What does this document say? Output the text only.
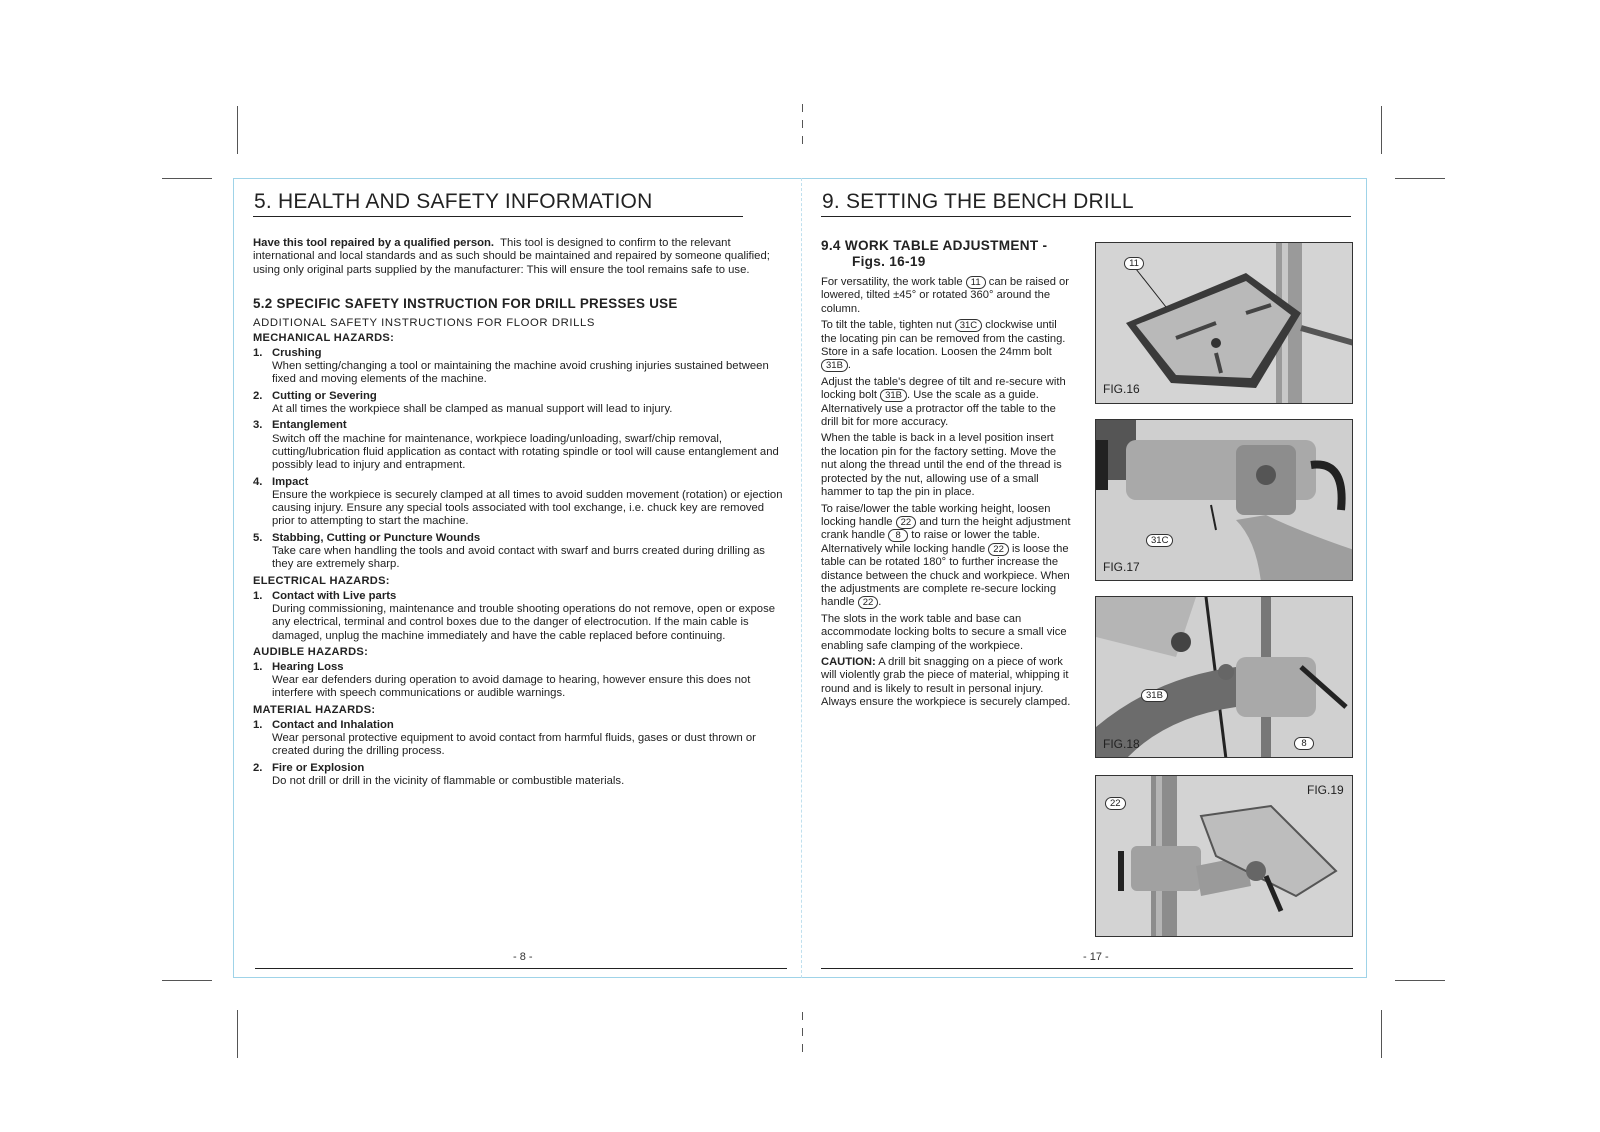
5. HEALTH AND SAFETY INFORMATION
Have this tool repaired by a qualified person. This tool is designed to confirm to the relevant international and local standards and as such should be maintained and repaired by someone qualified; using only original parts supplied by the manufacturer: This will ensure the tool remains safe to use.
5.2 SPECIFIC SAFETY INSTRUCTION FOR DRILL PRESSES USE
ADDITIONAL SAFETY INSTRUCTIONS FOR FLOOR DRILLS
MECHANICAL HAZARDS:
1. Crushing
When setting/changing a tool or maintaining the machine avoid crushing injuries sustained between fixed and moving elements of the machine.
2. Cutting or Severing
At all times the workpiece shall be clamped as manual support will lead to injury.
3. Entanglement
Switch off the machine for maintenance, workpiece loading/unloading, swarf/chip removal, cutting/lubrication fluid application as contact with rotating spindle or tool will cause entanglement and possibly lead to injury and entrapment.
4. Impact
Ensure the workpiece is securely clamped at all times to avoid sudden movement (rotation) or ejection causing injury. Ensure any special tools associated with tool exchange, i.e. chuck key are removed prior to attempting to start the machine.
5. Stabbing, Cutting or Puncture Wounds
Take care when handling the tools and avoid contact with swarf and burrs created during drilling as they are extremely sharp.
ELECTRICAL HAZARDS:
1. Contact with Live parts
During commissioning, maintenance and trouble shooting operations do not remove, open or expose any electrical, terminal and control boxes due to the danger of electrocution. If the main cable is damaged, unplug the machine immediately and have the cable replaced before continuing.
AUDIBLE HAZARDS:
1. Hearing Loss
Wear ear defenders during operation to avoid damage to hearing, however ensure this does not interfere with speech communications or audible warnings.
MATERIAL HAZARDS:
1. Contact and Inhalation
Wear personal protective equipment to avoid contact from harmful fluids, gases or dust thrown or created during the drilling process.
2. Fire or Explosion
Do not drill or drill in the vicinity of flammable or combustible materials.
- 8 -
9. SETTING THE BENCH DRILL
9.4 WORK TABLE ADJUSTMENT -
Figs. 16-19

For versatility, the work table 11 can be raised or lowered, tilted ±45° or rotated 360° around the column.

To tilt the table, tighten nut 31C clockwise until the locating pin can be removed from the casting. Store in a safe location. Loosen the 24mm bolt 31B .

Adjust the table's degree of tilt and re-secure with locking bolt 31B . Use the scale as a guide. Alternatively use a protractor off the table to the drill bit for more accuracy.

When the table is back in a level position insert the location pin for the factory setting. Move the nut along the thread until the end of the thread is protected by the nut, allowing use of a small hammer to tap the pin in place.

To raise/lower the table working height, loosen locking handle 22 and turn the height adjustment crank handle 8 to raise or lower the table. Alternatively while locking handle 22 is loose the table can be rotated 180° to further increase the distance between the chuck and workpiece. When the adjustments are complete re-secure locking handle 22 .

The slots in the work table and base can accommodate locking bolts to secure a small vice enabling safe clamping of the workpiece.

CAUTION: A drill bit snagging on a piece of work will violently grab the piece of material, whipping it round and is likely to result in personal injury. Always ensure the workpiece is securely clamped.

11
FIG.16
31C
FIG.17
31B
8
FIG.18
22
FIG.19
- 17 -
